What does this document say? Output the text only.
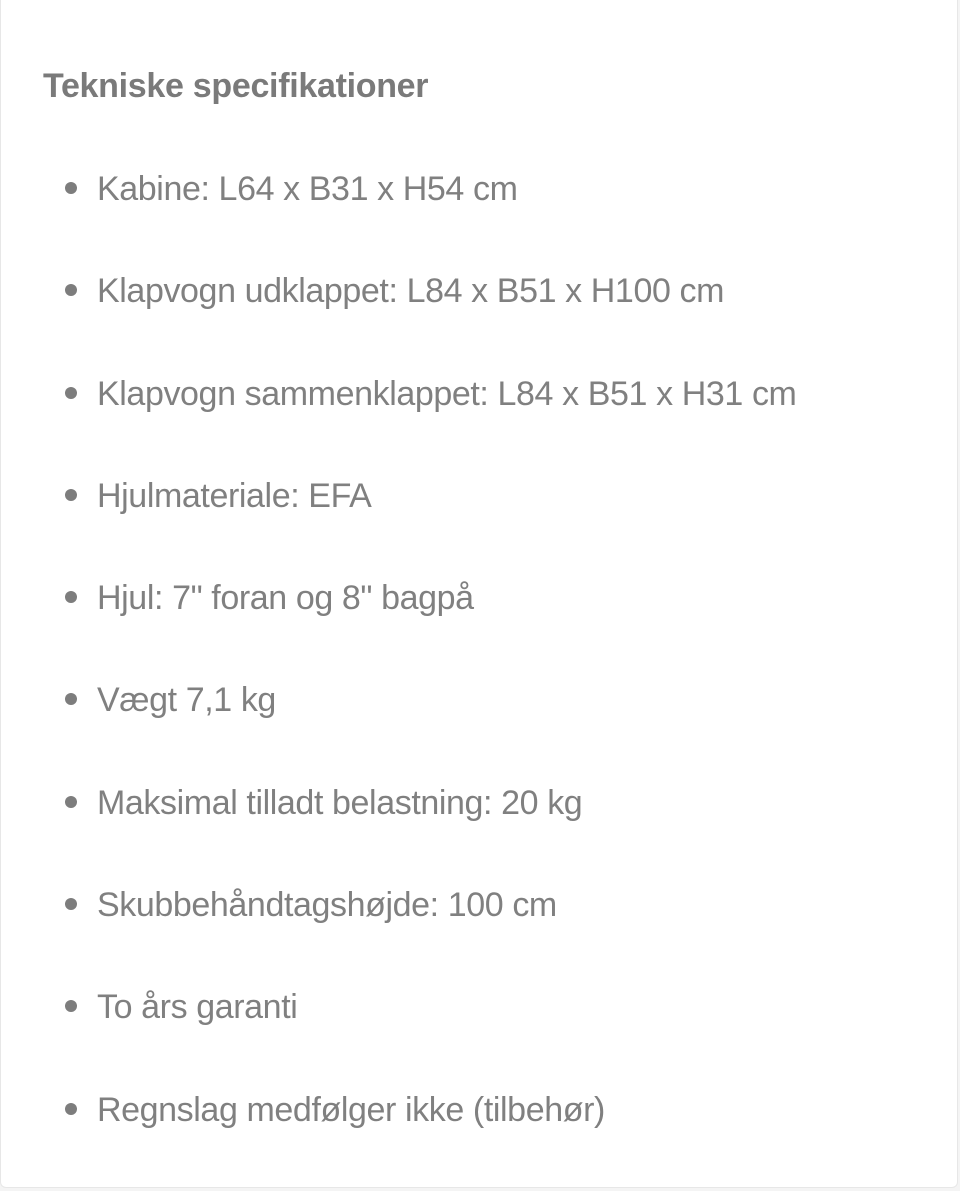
Tekniske specifikationer
Kabine: L64 x B31 x H54 cm
Klapvogn udklappet: L84 x B51 x H100 cm
Klapvogn sammenklappet: L84 x B51 x H31 cm
Hjulmateriale: EFA
Hjul: 7" foran og 8" bagpå
Vægt 7,1 kg
Maksimal tilladt belastning: 20 kg
Skubbehåndtagshøjde: 100 cm
To års garanti
Regnslag medfølger ikke (tilbehør)
